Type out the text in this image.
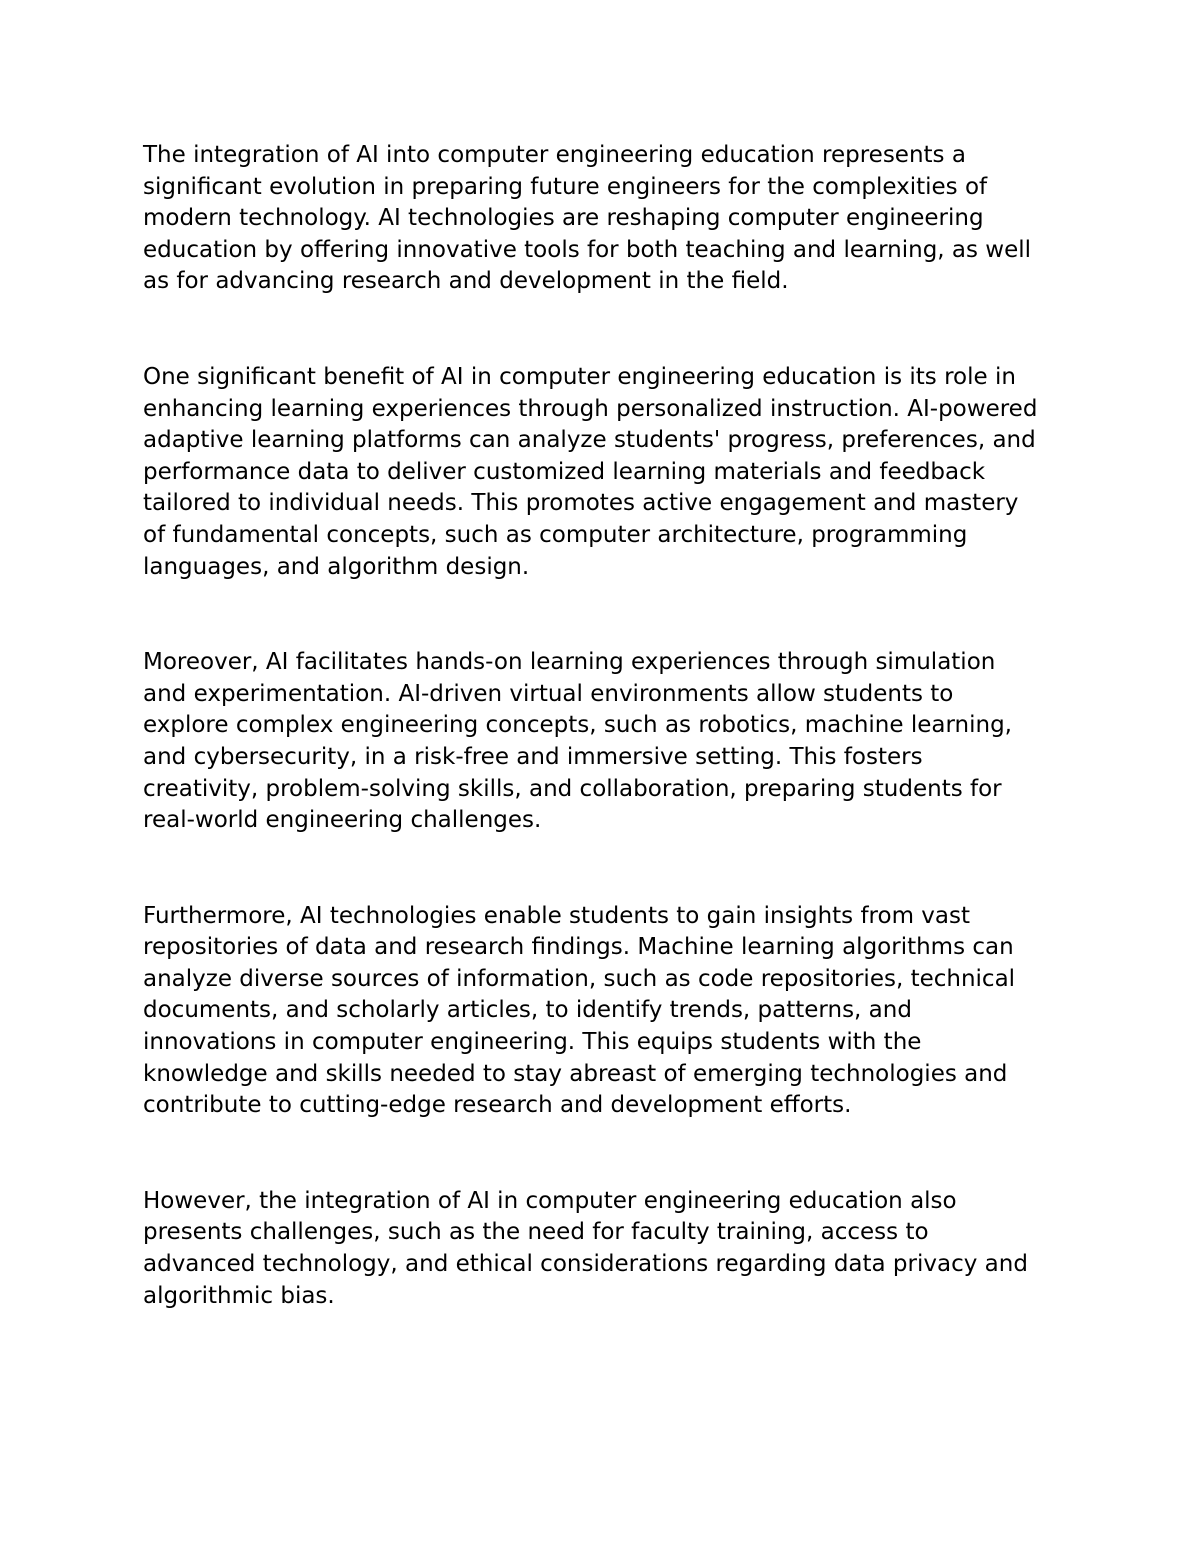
The integration of AI into computer engineering education represents a
significant evolution in preparing future engineers for the complexities of
modern technology. AI technologies are reshaping computer engineering
education by offering innovative tools for both teaching and learning, as well
as for advancing research and development in the field.

One significant benefit of AI in computer engineering education is its role in
enhancing learning experiences through personalized instruction. AI-powered
adaptive learning platforms can analyze students' progress, preferences, and
performance data to deliver customized learning materials and feedback
tailored to individual needs. This promotes active engagement and mastery
of fundamental concepts, such as computer architecture, programming
languages, and algorithm design.

Moreover, AI facilitates hands-on learning experiences through simulation
and experimentation. AI-driven virtual environments allow students to
explore complex engineering concepts, such as robotics, machine learning,
and cybersecurity, in a risk-free and immersive setting. This fosters
creativity, problem-solving skills, and collaboration, preparing students for
real-world engineering challenges.

Furthermore, AI technologies enable students to gain insights from vast
repositories of data and research findings. Machine learning algorithms can
analyze diverse sources of information, such as code repositories, technical
documents, and scholarly articles, to identify trends, patterns, and
innovations in computer engineering. This equips students with the
knowledge and skills needed to stay abreast of emerging technologies and
contribute to cutting-edge research and development efforts.

However, the integration of AI in computer engineering education also
presents challenges, such as the need for faculty training, access to
advanced technology, and ethical considerations regarding data privacy and
algorithmic bias.
